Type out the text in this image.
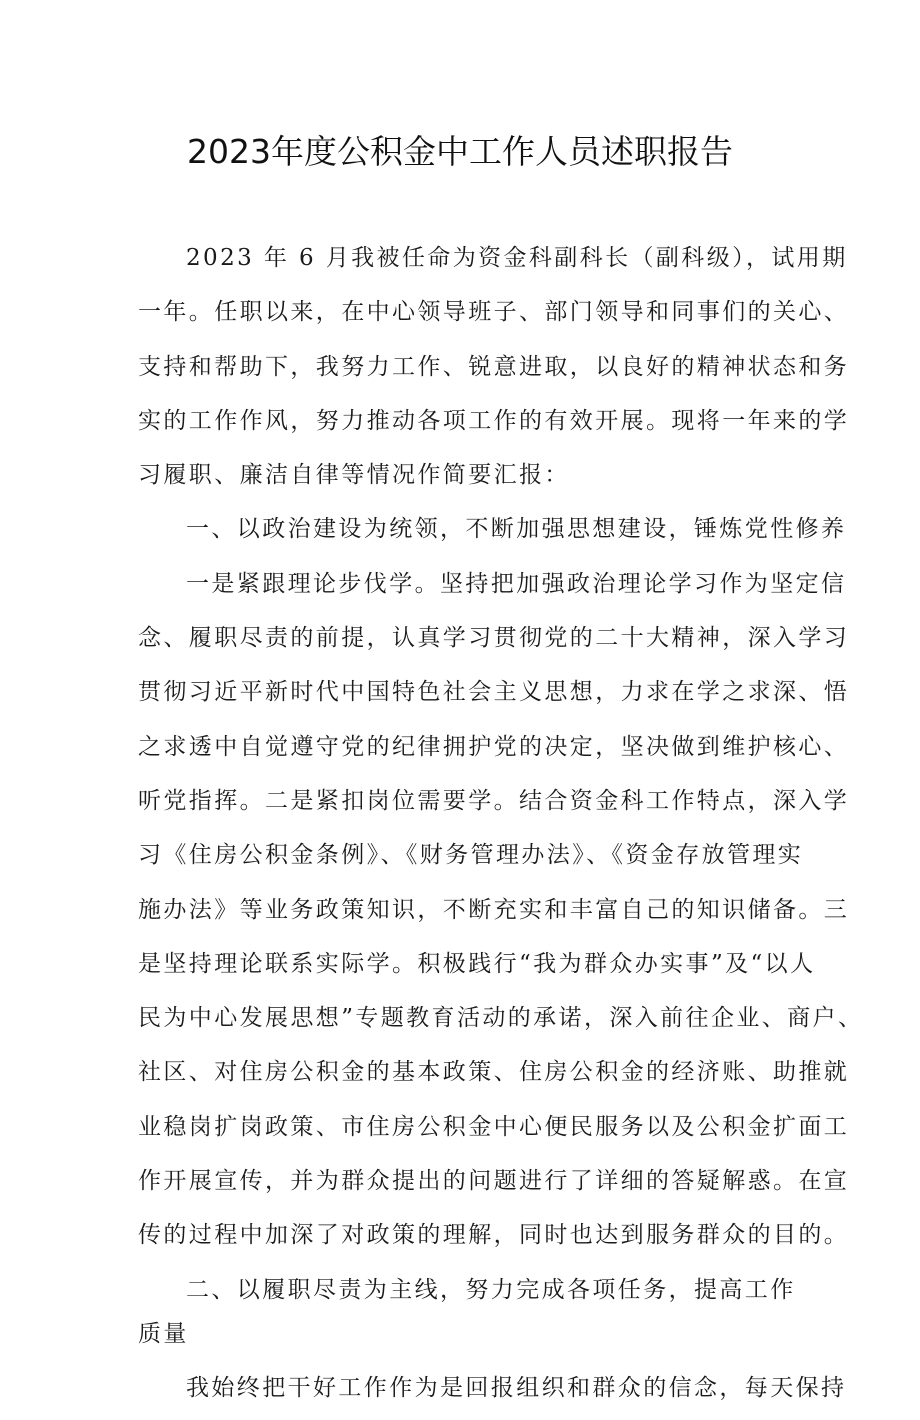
2023年度公积金中工作人员述职报告

2023 年 6 月我被任命为资金科副科长（副科级），试用期

一年。任职以来，在中心领导班子、部门领导和同事们的关心、

支持和帮助下，我努力工作、锐意进取，以良好的精神状态和务

实的工作作风，努力推动各项工作的有效开展。现将一年来的学

习履职、廉洁自律等情况作简要汇报：

一、以政治建设为统领，不断加强思想建设，锤炼党性修养

一是紧跟理论步伐学。坚持把加强政治理论学习作为坚定信

念、履职尽责的前提，认真学习贯彻党的二十大精神，深入学习

贯彻习近平新时代中国特色社会主义思想，力求在学之求深、悟

之求透中自觉遵守党的纪律拥护党的决定，坚决做到维护核心、

听党指挥。二是紧扣岗位需要学。结合资金科工作特点，深入学

习《住房公积金条例》、《财务管理办法》、《资金存放管理实

施办法》等业务政策知识，不断充实和丰富自己的知识储备。三

是坚持理论联系实际学。积极践行“我为群众办实事”及“以人

民为中心发展思想”专题教育活动的承诺，深入前往企业、商户、

社区、对住房公积金的基本政策、住房公积金的经济账、助推就

业稳岗扩岗政策、市住房公积金中心便民服务以及公积金扩面工

作开展宣传，并为群众提出的问题进行了详细的答疑解惑。在宣

传的过程中加深了对政策的理解，同时也达到服务群众的目的。

二、以履职尽责为主线，努力完成各项任务，提高工作

质量

我始终把干好工作作为是回报组织和群众的信念，每天保持
